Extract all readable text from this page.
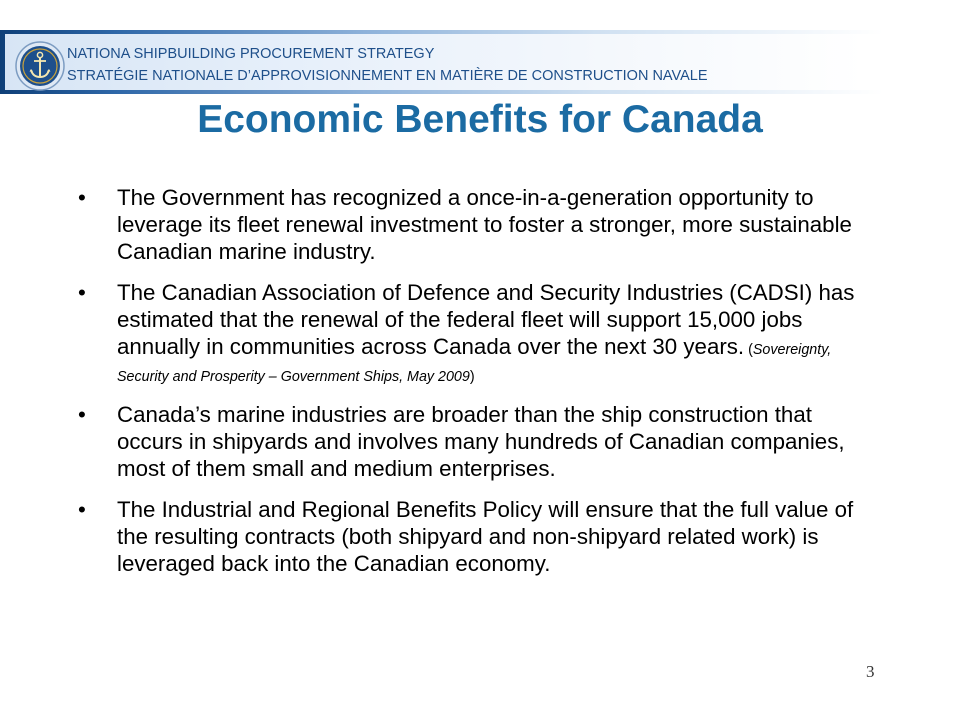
NATIONA SHIPBUILDING PROCUREMENT STRATEGY
STRATÉGIE NATIONALE D’APPROVISIONNEMENT EN MATIÈRE DE CONSTRUCTION NAVALE
Economic Benefits for Canada
• The Government has recognized a once-in-a-generation opportunity to leverage its fleet renewal investment to foster a stronger, more sustainable Canadian marine industry.
• The Canadian Association of Defence and Security Industries (CADSI) has estimated that the renewal of the federal fleet will support 15,000 jobs annually in communities across Canada over the next 30 years. (Sovereignty, Security and Prosperity – Government Ships, May 2009)
• Canada’s marine industries are broader than the ship construction that occurs in shipyards and involves many hundreds of Canadian companies, most of them small and medium enterprises.
• The Industrial and Regional Benefits Policy will ensure that the full value of the resulting contracts (both shipyard and non-shipyard related work) is leveraged back into the Canadian economy.
3
